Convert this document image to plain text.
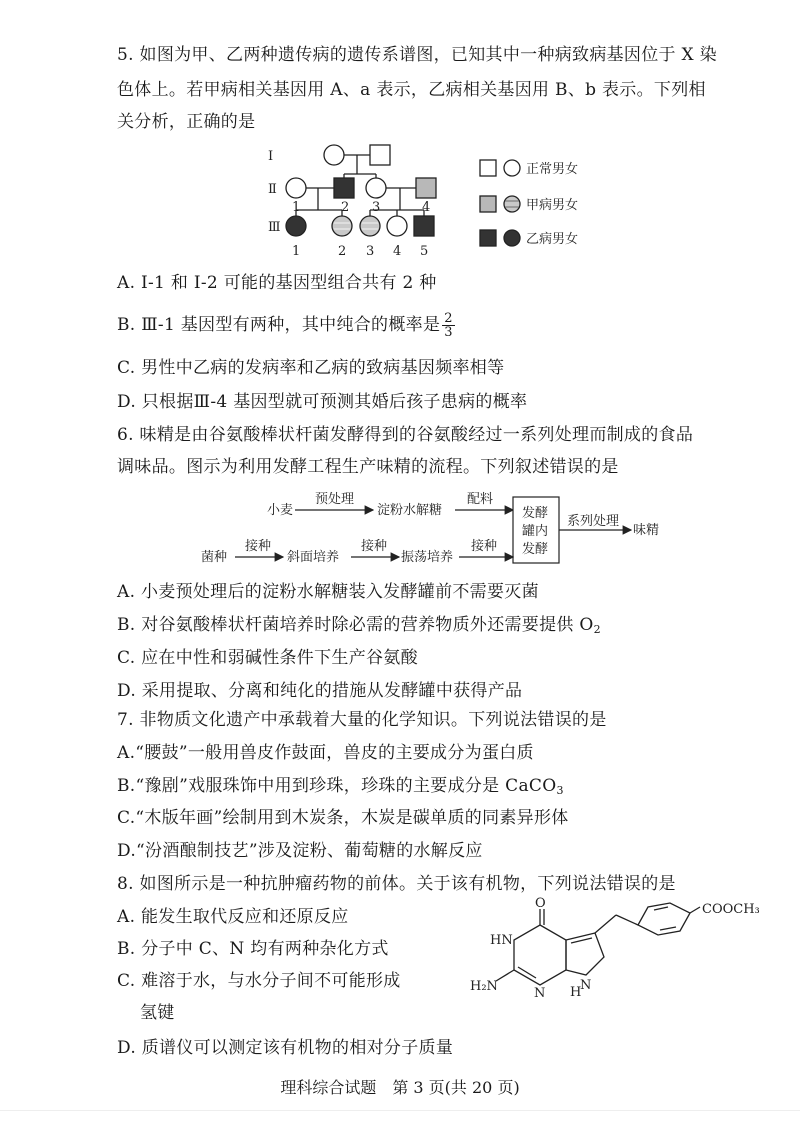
5. 如图为甲、乙两种遗传病的遗传系谱图，已知其中一种病致病基因位于 X 染
色体上。若甲病相关基因用 A、a 表示，乙病相关基因用 B、b 表示。下列相
关分析，正确的是
Ⅰ
Ⅱ
Ⅲ
1	2 3	4
1	2 3 4 5
正常男女
甲病男女
乙病男女
A. Ⅰ-1 和 Ⅰ-2 可能的基因型组合共有 2 种
B. Ⅲ-1 基因型有两种，其中纯合的概率是 $\frac{2}{3}$
C. 男性中乙病的发病率和乙病的致病基因频率相等
D. 只根据Ⅲ-4 基因型就可预测其婚后孩子患病的概率
6. 味精是由谷氨酸棒状杆菌发酵得到的谷氨酸经过一系列处理而制成的食品
调味品。图示为利用发酵工程生产味精的流程。下列叙述错误的是
小麦
预处理
淀粉水解糖
配料
发酵
罐内
发酵
系列处理
味精
菌种
接种
斜面培养
接种
振荡培养
接种
A. 小麦预处理后的淀粉水解糖装入发酵罐前不需要灭菌
B. 对谷氨酸棒状杆菌培养时除必需的营养物质外还需要提供 $O_2$
C. 应在中性和弱碱性条件下生产谷氨酸
D. 采用提取、分离和纯化的措施从发酵罐中获得产品
7. 非物质文化遗产中承载着大量的化学知识。下列说法错误的是
A.“腰鼓”一般用兽皮作鼓面，兽皮的主要成分为蛋白质
B.“豫剧”戏服珠饰中用到珍珠，珍珠的主要成分是 CaCO$_3$
C.“木版年画”绘制用到木炭条，木炭是碳单质的同素异形体
D.“汾酒酿制技艺”涉及淀粉、葡萄糖的水解反应
8. 如图所示是一种抗肿瘤药物的前体。关于该有机物，下列说法错误的是
A. 能发生取代反应和还原反应
B. 分子中 C、N 均有两种杂化方式
C. 难溶于水，与水分子间不可能形成
氢键
D. 质谱仪可以测定该有机物的相对分子质量
O
HN
H₂N	N H
N
COOCH₃
理科综合试题　第 3 页(共 20 页)
